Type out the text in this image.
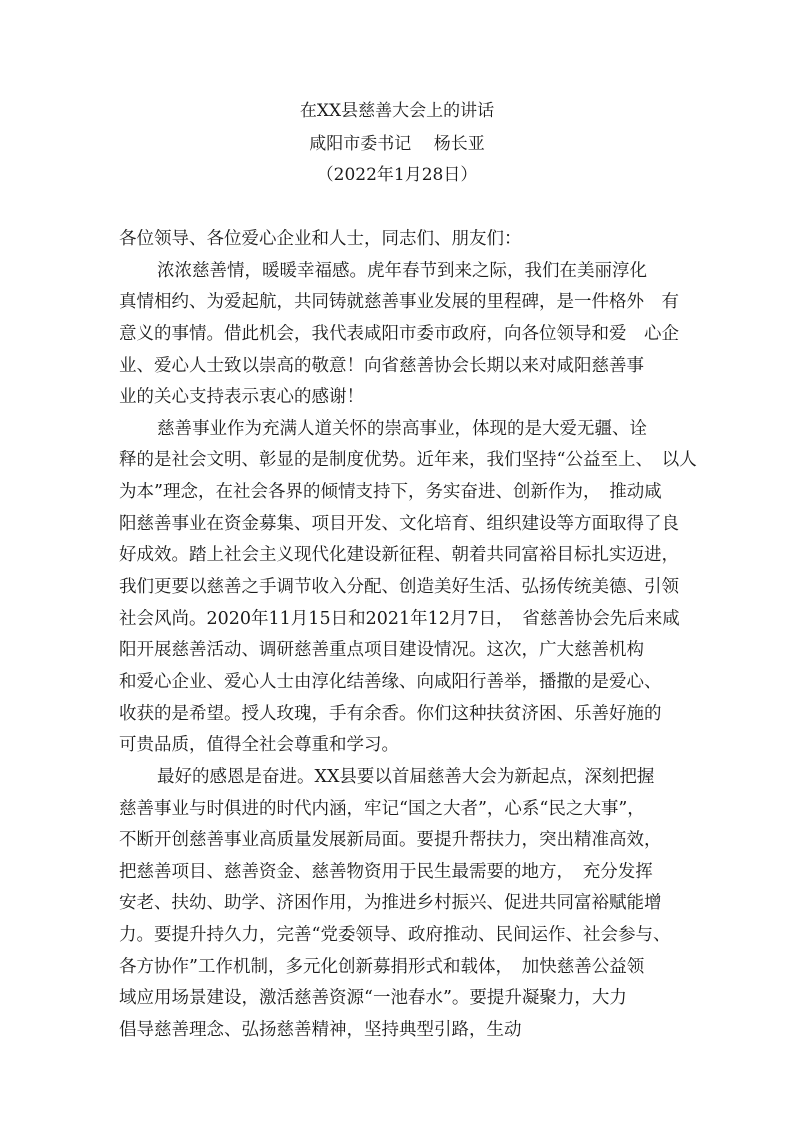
在XX县慈善大会上的讲话
咸阳市委书记　 杨长亚
（2022年1月28日）
各位领导、各位爱心企业和人士，同志们、朋友们：
浓浓慈善情，暖暖幸福感。虎年春节到来之际，我们在美丽淳化
真情相约、为爱起航，共同铸就慈善事业发展的里程碑，是一件格外　有
意义的事情。借此机会，我代表咸阳市委市政府，向各位领导和爱　心企
业、爱心人士致以崇高的敬意！向省慈善协会长期以来对咸阳慈善事
业的关心支持表示衷心的感谢！
慈善事业作为充满人道关怀的崇高事业，体现的是大爱无疆、诠
释的是社会文明、彰显的是制度优势。近年来，我们坚持“公益至上、　以人
为本”理念，在社会各界的倾情支持下，务实奋进、创新作为，　推动咸
阳慈善事业在资金募集、项目开发、文化培育、组织建设等方面取得了良
好成效。踏上社会主义现代化建设新征程、朝着共同富裕目标扎实迈进，
我们更要以慈善之手调节收入分配、创造美好生活、弘扬传统美德、引领
社会风尚。2020年11月15日和2021年12月7日，　省慈善协会先后来咸
阳开展慈善活动、调研慈善重点项目建设情况。这次，广大慈善机构
和爱心企业、爱心人士由淳化结善缘、向咸阳行善举，播撒的是爱心、
收获的是希望。授人玫瑰，手有余香。你们这种扶贫济困、乐善好施的
可贵品质，值得全社会尊重和学习。
最好的感恩是奋进。XX县要以首届慈善大会为新起点，深刻把握
慈善事业与时俱进的时代内涵，牢记“国之大者”，心系“民之大事”，
不断开创慈善事业高质量发展新局面。要提升帮扶力，突出精准高效，
把慈善项目、慈善资金、慈善物资用于民生最需要的地方，　充分发挥
安老、扶幼、助学、济困作用，为推进乡村振兴、促进共同富裕赋能增
力。要提升持久力，完善“党委领导、政府推动、民间运作、社会参与、
各方协作”工作机制，多元化创新募捐形式和载体，　加快慈善公益领
域应用场景建设，激活慈善资源“一池春水”。要提升凝聚力，大力
倡导慈善理念、弘扬慈善精神，坚持典型引路，生动
